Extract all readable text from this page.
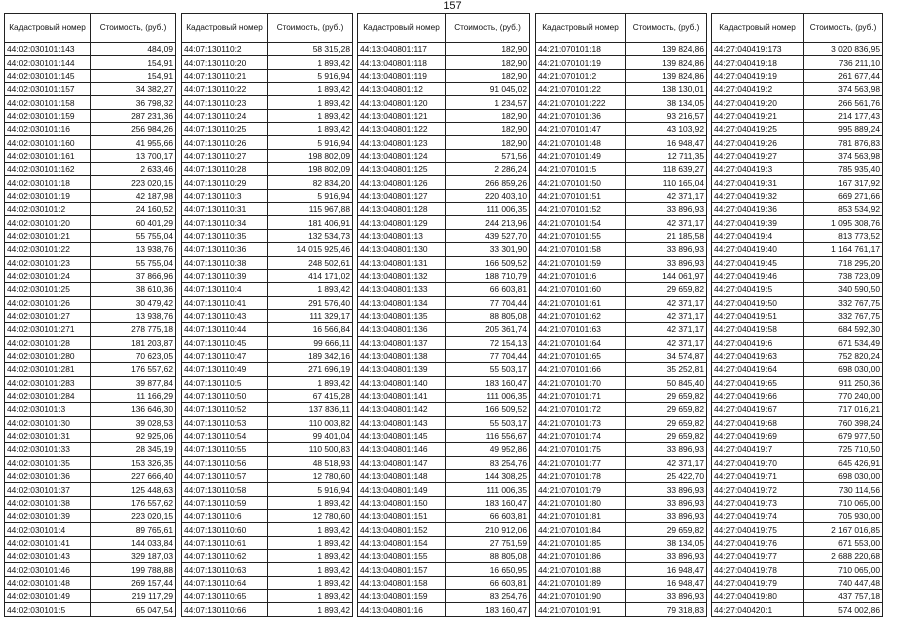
157
Кадастровый номер	Стоимость, (руб.)
44:02:030101:143	484,09
44:02:030101:144	154,91
44:02:030101:145	154,91
44:02:030101:157	34 382,27
44:02:030101:158	36 798,32
44:02:030101:159	287 231,36
44:02:030101:16	256 984,26
44:02:030101:160	41 955,66
44:02:030101:161	13 700,17
44:02:030101:162	2 633,46
44:02:030101:18	223 020,15
44:02:030101:19	42 187,98
44:02:030101:2	24 160,52
44:02:030101:20	60 401,29
44:02:030101:21	55 755,04
44:02:030101:22	13 938,76
44:02:030101:23	55 755,04
44:02:030101:24	37 866,96
44:02:030101:25	38 610,36
44:02:030101:26	30 479,42
44:02:030101:27	13 938,76
44:02:030101:271	278 775,18
44:02:030101:28	181 203,87
44:02:030101:280	70 623,05
44:02:030101:281	176 557,62
44:02:030101:283	39 877,84
44:02:030101:284	11 166,29
44:02:030101:3	136 646,30
44:02:030101:30	39 028,53
44:02:030101:31	92 925,06
44:02:030101:33	28 345,19
44:02:030101:35	153 326,35
44:02:030101:36	227 666,40
44:02:030101:37	125 448,63
44:02:030101:38	176 557,62
44:02:030101:39	223 020,15
44:02:030101:4	89 765,61
44:02:030101:41	144 033,84
44:02:030101:43	329 187,03
44:02:030101:46	199 788,88
44:02:030101:48	269 157,44
44:02:030101:49	219 117,29
44:02:030101:5	65 047,54
Кадастровый номер	Стоимость, (руб.)
44:07:130110:2	58 315,28
44:07:130110:20	1 893,42
44:07:130110:21	5 916,94
44:07:130110:22	1 893,42
44:07:130110:23	1 893,42
44:07:130110:24	1 893,42
44:07:130110:25	1 893,42
44:07:130110:26	5 916,94
44:07:130110:27	198 802,09
44:07:130110:28	198 802,09
44:07:130110:29	82 834,20
44:07:130110:3	5 916,94
44:07:130110:31	115 967,88
44:07:130110:34	181 406,91
44:07:130110:35	132 534,73
44:07:130110:36	14 015 925,46
44:07:130110:38	248 502,61
44:07:130110:39	414 171,02
44:07:130110:4	1 893,42
44:07:130110:41	291 576,40
44:07:130110:43	111 329,17
44:07:130110:44	16 566,84
44:07:130110:45	99 666,11
44:07:130110:47	189 342,16
44:07:130110:49	271 696,19
44:07:130110:5	1 893,42
44:07:130110:50	67 415,28
44:07:130110:52	137 836,11
44:07:130110:53	110 003,82
44:07:130110:54	99 401,04
44:07:130110:55	110 500,83
44:07:130110:56	48 518,93
44:07:130110:57	12 780,60
44:07:130110:58	5 916,94
44:07:130110:59	1 893,42
44:07:130110:6	12 780,60
44:07:130110:60	1 893,42
44:07:130110:61	1 893,42
44:07:130110:62	1 893,42
44:07:130110:63	1 893,42
44:07:130110:64	1 893,42
44:07:130110:65	1 893,42
44:07:130110:66	1 893,42
Кадастровый номер	Стоимость, (руб.)
44:13:040801:117	182,90
44:13:040801:118	182,90
44:13:040801:119	182,90
44:13:040801:12	91 045,02
44:13:040801:120	1 234,57
44:13:040801:121	182,90
44:13:040801:122	182,90
44:13:040801:123	182,90
44:13:040801:124	571,56
44:13:040801:125	2 286,24
44:13:040801:126	266 859,26
44:13:040801:127	220 403,10
44:13:040801:128	111 006,35
44:13:040801:129	244 213,96
44:13:040801:13	439 527,70
44:13:040801:130	33 301,90
44:13:040801:131	166 509,52
44:13:040801:132	188 710,79
44:13:040801:133	66 603,81
44:13:040801:134	77 704,44
44:13:040801:135	88 805,08
44:13:040801:136	205 361,74
44:13:040801:137	72 154,13
44:13:040801:138	77 704,44
44:13:040801:139	55 503,17
44:13:040801:140	183 160,47
44:13:040801:141	111 006,35
44:13:040801:142	166 509,52
44:13:040801:143	55 503,17
44:13:040801:145	116 556,67
44:13:040801:146	49 952,86
44:13:040801:147	83 254,76
44:13:040801:148	144 308,25
44:13:040801:149	111 006,35
44:13:040801:150	183 160,47
44:13:040801:151	66 603,81
44:13:040801:152	210 912,06
44:13:040801:154	27 751,59
44:13:040801:155	88 805,08
44:13:040801:157	16 650,95
44:13:040801:158	66 603,81
44:13:040801:159	83 254,76
44:13:040801:16	183 160,47
Кадастровый номер	Стоимость, (руб.)
44:21:070101:18	139 824,86
44:21:070101:19	139 824,86
44:21:070101:2	139 824,86
44:21:070101:22	138 130,01
44:21:070101:222	38 134,05
44:21:070101:36	93 216,57
44:21:070101:47	43 103,92
44:21:070101:48	16 948,47
44:21:070101:49	12 711,35
44:21:070101:5	118 639,27
44:21:070101:50	110 165,04
44:21:070101:51	42 371,17
44:21:070101:52	33 896,93
44:21:070101:54	42 371,17
44:21:070101:55	21 185,58
44:21:070101:58	33 896,93
44:21:070101:59	33 896,93
44:21:070101:6	144 061,97
44:21:070101:60	29 659,82
44:21:070101:61	42 371,17
44:21:070101:62	42 371,17
44:21:070101:63	42 371,17
44:21:070101:64	42 371,17
44:21:070101:65	34 574,87
44:21:070101:66	35 252,81
44:21:070101:70	50 845,40
44:21:070101:71	29 659,82
44:21:070101:72	29 659,82
44:21:070101:73	29 659,82
44:21:070101:74	29 659,82
44:21:070101:75	33 896,93
44:21:070101:77	42 371,17
44:21:070101:78	25 422,70
44:21:070101:79	33 896,93
44:21:070101:80	33 896,93
44:21:070101:81	33 896,93
44:21:070101:84	29 659,82
44:21:070101:85	38 134,05
44:21:070101:86	33 896,93
44:21:070101:88	16 948,47
44:21:070101:89	16 948,47
44:21:070101:90	33 896,93
44:21:070101:91	79 318,83
Кадастровый номер	Стоимость, (руб.)
44:27:040419:173	3 020 836,95
44:27:040419:18	736 211,10
44:27:040419:19	261 677,44
44:27:040419:2	374 563,98
44:27:040419:20	266 561,76
44:27:040419:21	214 177,43
44:27:040419:25	995 889,24
44:27:040419:26	781 876,83
44:27:040419:27	374 563,98
44:27:040419:3	785 935,40
44:27:040419:31	167 317,92
44:27:040419:32	669 271,66
44:27:040419:36	853 534,92
44:27:040419:39	1 095 308,76
44:27:040419:4	813 773,52
44:27:040419:40	1 164 761,17
44:27:040419:45	718 295,20
44:27:040419:46	738 723,09
44:27:040419:5	340 590,50
44:27:040419:50	332 767,75
44:27:040419:51	332 767,75
44:27:040419:58	684 592,30
44:27:040419:6	671 534,49
44:27:040419:63	752 820,24
44:27:040419:64	698 030,00
44:27:040419:65	911 250,36
44:27:040419:66	770 240,00
44:27:040419:67	717 016,21
44:27:040419:68	760 398,24
44:27:040419:69	679 977,50
44:27:040419:7	725 710,50
44:27:040419:70	645 426,91
44:27:040419:71	698 030,00
44:27:040419:72	730 114,56
44:27:040419:73	710 065,00
44:27:040419:74	705 930,00
44:27:040419:75	2 167 016,85
44:27:040419:76	671 553,00
44:27:040419:77	2 688 220,68
44:27:040419:78	710 065,00
44:27:040419:79	740 447,48
44:27:040419:80	437 757,18
44:27:040420:1	574 002,86
